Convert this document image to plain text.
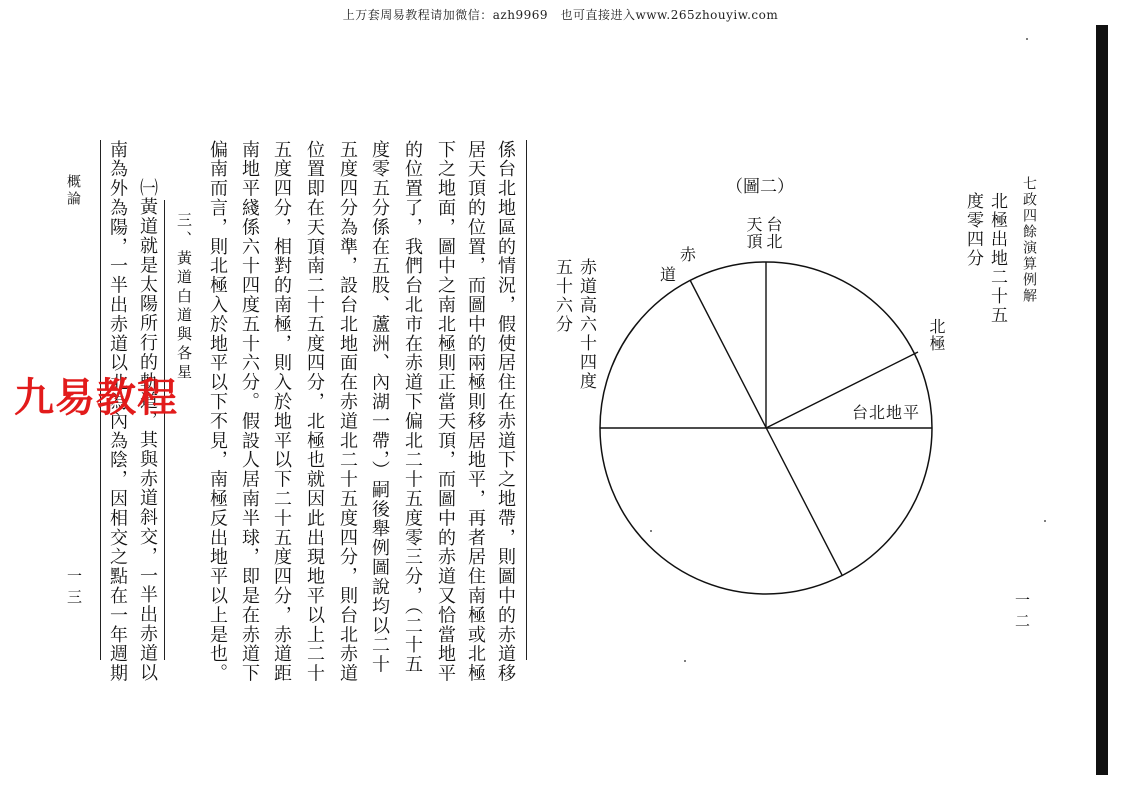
上万套周易教程请加微信：azh9969　也可直接进入www.265zhouyiw.com
概論
一三	係台北地區的情況，假使居住在赤道下之地帶，則圖中的赤道移
居天頂的位置，而圖中的兩極則移居地平，再者居住南極或北極
下之地面，圖中之南北極則正當天頂，而圖中的赤道又恰當地平
的位置了，我們台北市在赤道下偏北二十五度零三分，（二十五
度零五分係在五股、蘆洲、內湖一帶，）嗣後舉例圖說均以二十
五度四分為準，設台北地面在赤道北二十五度四分，則台北赤道
位置即在天頂南二十五度四分，北極也就因此出現地平以上二十
五度四分，相對的南極，則入於地平以下二十五度四分，赤道距
南地平綫係六十四度五十六分。假設人居南半球，即是在赤道下
偏南而言，則北極入於地平以下不見，南極反出地平以上是也。
三、黃道白道與各星
㈠黃道就是太陽所行的軌道，其與赤道斜交，一半出赤道以
南為外為陽，一半出赤道以北為內為陰，因相交之點在一年週期
九易教程
七政四餘演算例解
一二
北極出地二十五
度零四分
赤道高六十四度
五十六分
（圖二）
台北
天頂
赤
道
北極
台北地平
